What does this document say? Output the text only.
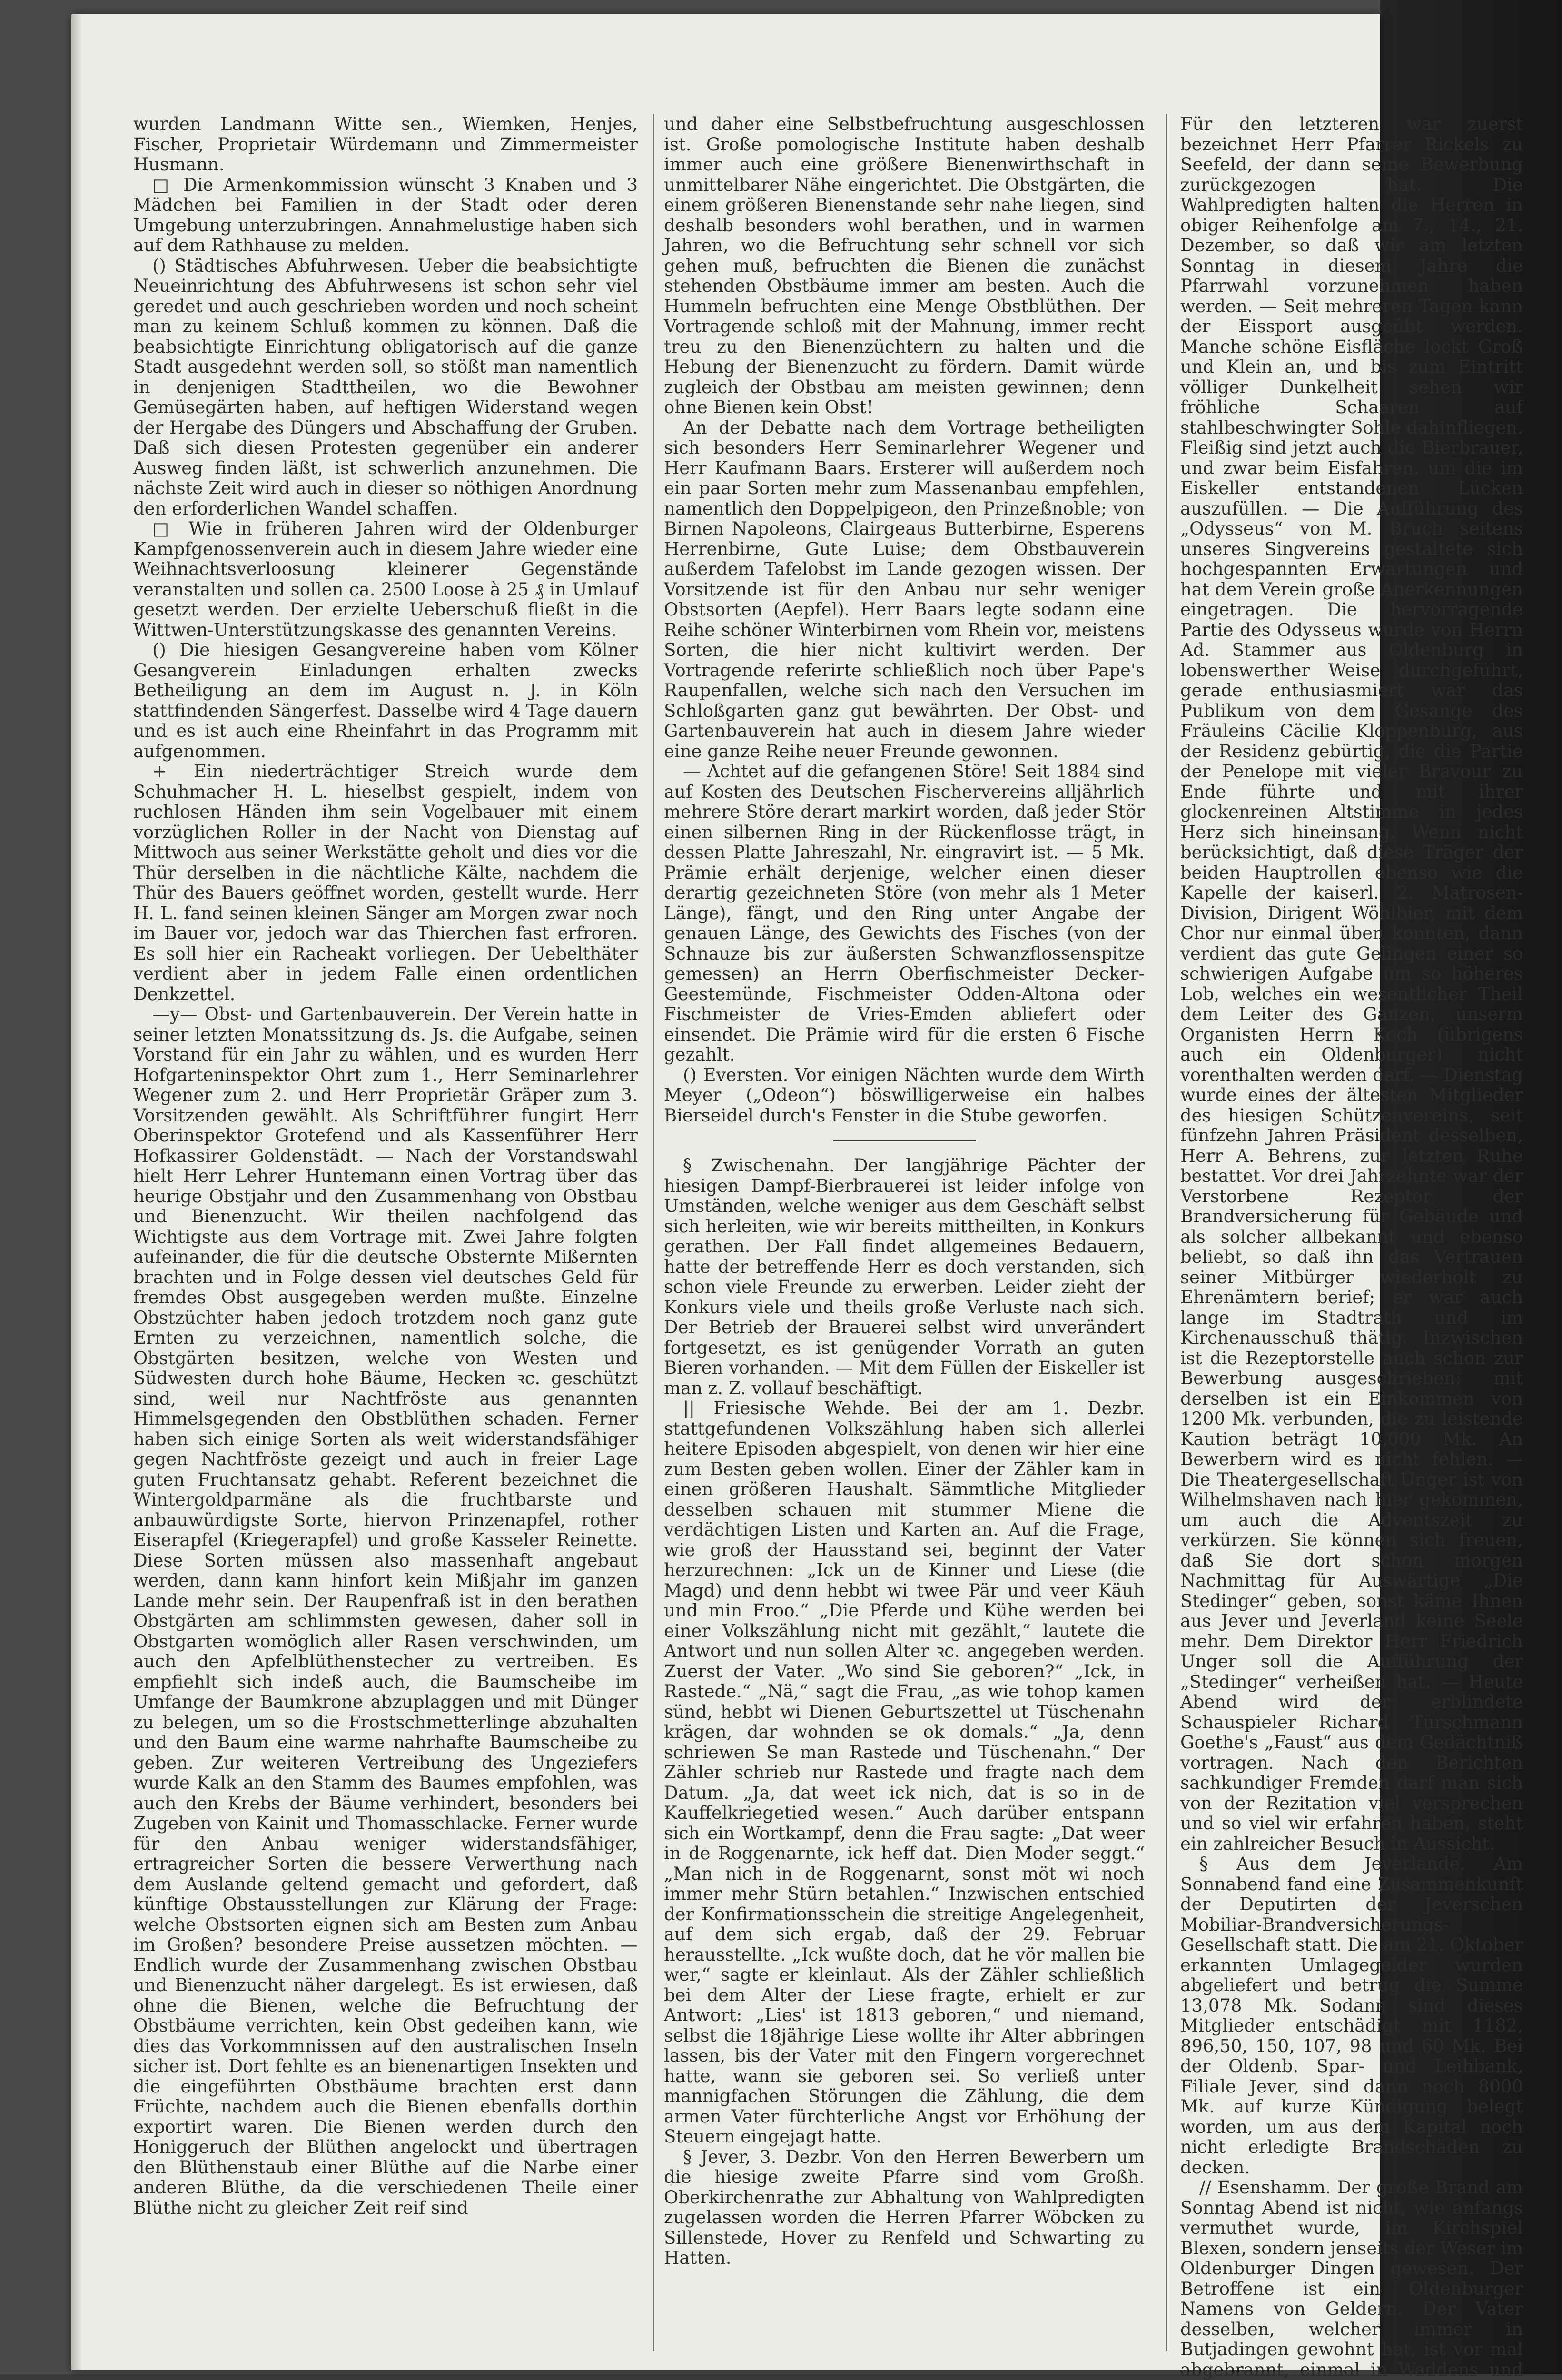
wurden Landmann Witte sen., Wiemken, Henjes, Fischer, Proprietair Würdemann und Zimmermeister Husmann.

□ Die Armenkommission wünscht 3 Knaben und 3 Mädchen bei Familien in der Stadt oder deren Umgebung unterzubringen. Annahmelustige haben sich auf dem Rathhause zu melden.

() Städtisches Abfuhrwesen. Ueber die beabsichtigte Neueinrichtung des Abfuhrwesens ist schon sehr viel geredet und auch geschrieben worden und noch scheint man zu keinem Schluß kommen zu können. Daß die beabsichtigte Einrichtung obligatorisch auf die ganze Stadt ausgedehnt werden soll, so stößt man namentlich in denjenigen Stadttheilen, wo die Bewohner Gemüsegärten haben, auf heftigen Widerstand wegen der Hergabe des Düngers und Abschaffung der Gruben. Daß sich diesen Protesten gegenüber ein anderer Ausweg finden läßt, ist schwerlich anzunehmen. Die nächste Zeit wird auch in dieser so nöthigen Anordnung den erforderlichen Wandel schaffen.

□ Wie in früheren Jahren wird der Oldenburger Kampfgenossenverein auch in diesem Jahre wieder eine Weihnachtsverloosung kleinerer Gegenstände veranstalten und sollen ca. 2500 Loose à 25 ₰ in Umlauf gesetzt werden. Der erzielte Ueberschuß fließt in die Wittwen-Unterstützungskasse des genannten Vereins.

() Die hiesigen Gesangvereine haben vom Kölner Gesangverein Einladungen erhalten zwecks Betheiligung an dem im August n. J. in Köln stattfindenden Sängerfest. Dasselbe wird 4 Tage dauern und es ist auch eine Rheinfahrt in das Programm mit aufgenommen.

+ Ein niederträchtiger Streich wurde dem Schuhmacher H. L. hieselbst gespielt, indem von ruchlosen Händen ihm sein Vogelbauer mit einem vorzüglichen Roller in der Nacht von Dienstag auf Mittwoch aus seiner Werkstätte geholt und dies vor die Thür derselben in die nächtliche Kälte, nachdem die Thür des Bauers geöffnet worden, gestellt wurde. Herr H. L. fand seinen kleinen Sänger am Morgen zwar noch im Bauer vor, jedoch war das Thierchen fast erfroren. Es soll hier ein Racheakt vorliegen. Der Uebelthäter verdient aber in jedem Falle einen ordentlichen Denkzettel.

—y— Obst- und Gartenbauverein. Der Verein hatte in seiner letzten Monatssitzung ds. Js. die Aufgabe, seinen Vorstand für ein Jahr zu wählen, und es wurden Herr Hofgarteninspektor Ohrt zum 1., Herr Seminarlehrer Wegener zum 2. und Herr Proprietär Gräper zum 3. Vorsitzenden gewählt. Als Schriftführer fungirt Herr Oberinspektor Grotefend und als Kassenführer Herr Hofkassirer Goldenstädt. — Nach der Vorstandswahl hielt Herr Lehrer Huntemann einen Vortrag über das heurige Obstjahr und den Zusammenhang von Obstbau und Bienenzucht. Wir theilen nachfolgend das Wichtigste aus dem Vortrage mit. Zwei Jahre folgten aufeinander, die für die deutsche Obsternte Mißernten brachten und in Folge dessen viel deutsches Geld für fremdes Obst ausgegeben werden mußte. Einzelne Obstzüchter haben jedoch trotzdem noch ganz gute Ernten zu verzeichnen, namentlich solche, die Obstgärten besitzen, welche von Westen und Südwesten durch hohe Bäume, Hecken ꝛc. geschützt sind, weil nur Nachtfröste aus genannten Himmelsgegenden den Obstblüthen schaden. Ferner haben sich einige Sorten als weit widerstandsfähiger gegen Nachtfröste gezeigt und auch in freier Lage guten Fruchtansatz gehabt. Referent bezeichnet die Wintergoldparmäne als die fruchtbarste und anbauwürdigste Sorte, hiervon Prinzenapfel, rother Eiserapfel (Kriegerapfel) und große Kasseler Reinette. Diese Sorten müssen also massenhaft angebaut werden, dann kann hinfort kein Mißjahr im ganzen Lande mehr sein. Der Raupenfraß ist in den berathen Obstgärten am schlimmsten gewesen, daher soll in Obstgarten womöglich aller Rasen verschwinden, um auch den Apfelblüthenstecher zu vertreiben. Es empfiehlt sich indeß auch, die Baumscheibe im Umfange der Baumkrone abzuplaggen und mit Dünger zu belegen, um so die Frostschmetterlinge abzuhalten und den Baum eine warme nahrhafte Baumscheibe zu geben. Zur weiteren Vertreibung des Ungeziefers wurde Kalk an den Stamm des Baumes empfohlen, was auch den Krebs der Bäume verhindert, besonders bei Zugeben von Kainit und Thomasschlacke. Ferner wurde für den Anbau weniger widerstandsfähiger, ertragreicher Sorten die bessere Verwerthung nach dem Auslande geltend gemacht und gefordert, daß künftige Obstausstellungen zur Klärung der Frage: welche Obstsorten eignen sich am Besten zum Anbau im Großen? besondere Preise aussetzen möchten. — Endlich wurde der Zusammenhang zwischen Obstbau und Bienenzucht näher dargelegt. Es ist erwiesen, daß ohne die Bienen, welche die Befruchtung der Obstbäume verrichten, kein Obst gedeihen kann, wie dies das Vorkommnissen auf den australischen Inseln sicher ist. Dort fehlte es an bienenartigen Insekten und die eingeführten Obstbäume brachten erst dann Früchte, nachdem auch die Bienen ebenfalls dorthin exportirt waren. Die Bienen werden durch den Honiggeruch der Blüthen angelockt und übertragen den Blüthenstaub einer Blüthe auf die Narbe einer anderen Blüthe, da die verschiedenen Theile einer Blüthe nicht zu gleicher Zeit reif sind

und daher eine Selbstbefruchtung ausgeschlossen ist. Große pomologische Institute haben deshalb immer auch eine größere Bienenwirthschaft in unmittelbarer Nähe eingerichtet. Die Obstgärten, die einem größeren Bienenstande sehr nahe liegen, sind deshalb besonders wohl berathen, und in warmen Jahren, wo die Befruchtung sehr schnell vor sich gehen muß, befruchten die Bienen die zunächst stehenden Obstbäume immer am besten. Auch die Hummeln befruchten eine Menge Obstblüthen. Der Vortragende schloß mit der Mahnung, immer recht treu zu den Bienenzüchtern zu halten und die Hebung der Bienenzucht zu fördern. Damit würde zugleich der Obstbau am meisten gewinnen; denn ohne Bienen kein Obst!

An der Debatte nach dem Vortrage betheiligten sich besonders Herr Seminarlehrer Wegener und Herr Kaufmann Baars. Ersterer will außerdem noch ein paar Sorten mehr zum Massenanbau empfehlen, namentlich den Doppelpigeon, den Prinzeßnoble; von Birnen Napoleons, Clairgeaus Butterbirne, Esperens Herrenbirne, Gute Luise; dem Obstbauverein außerdem Tafelobst im Lande gezogen wissen. Der Vorsitzende ist für den Anbau nur sehr weniger Obstsorten (Aepfel). Herr Baars legte sodann eine Reihe schöner Winterbirnen vom Rhein vor, meistens Sorten, die hier nicht kultivirt werden. Der Vortragende referirte schließlich noch über Pape's Raupenfallen, welche sich nach den Versuchen im Schloßgarten ganz gut bewährten. Der Obst- und Gartenbauverein hat auch in diesem Jahre wieder eine ganze Reihe neuer Freunde gewonnen.

— Achtet auf die gefangenen Störe! Seit 1884 sind auf Kosten des Deutschen Fischervereins alljährlich mehrere Störe derart markirt worden, daß jeder Stör einen silbernen Ring in der Rückenflosse trägt, in dessen Platte Jahreszahl, Nr. eingravirt ist. — 5 Mk. Prämie erhält derjenige, welcher einen dieser derartig gezeichneten Störe (von mehr als 1 Meter Länge), fängt, und den Ring unter Angabe der genauen Länge, des Gewichts des Fisches (von der Schnauze bis zur äußersten Schwanzflossenspitze gemessen) an Herrn Oberfischmeister Decker-Geestemünde, Fischmeister Odden-Altona oder Fischmeister de Vries-Emden abliefert oder einsendet. Die Prämie wird für die ersten 6 Fische gezahlt.

() Eversten. Vor einigen Nächten wurde dem Wirth Meyer („Odeon“) böswilligerweise ein halbes Bierseidel durch's Fenster in die Stube geworfen.

§ Zwischenahn. Der langjährige Pächter der hiesigen Dampf-Bierbrauerei ist leider infolge von Umständen, welche weniger aus dem Geschäft selbst sich herleiten, wie wir bereits mittheilten, in Konkurs gerathen. Der Fall findet allgemeines Bedauern, hatte der betreffende Herr es doch verstanden, sich schon viele Freunde zu erwerben. Leider zieht der Konkurs viele und theils große Verluste nach sich. Der Betrieb der Brauerei selbst wird unverändert fortgesetzt, es ist genügender Vorrath an guten Bieren vorhanden. — Mit dem Füllen der Eiskeller ist man z. Z. vollauf beschäftigt.

|| Friesische Wehde. Bei der am 1. Dezbr. stattgefundenen Volkszählung haben sich allerlei heitere Episoden abgespielt, von denen wir hier eine zum Besten geben wollen. Einer der Zähler kam in einen größeren Haushalt. Sämmtliche Mitglieder desselben schauen mit stummer Miene die verdächtigen Listen und Karten an. Auf die Frage, wie groß der Hausstand sei, beginnt der Vater herzurechnen: „Ick un de Kinner und Liese (die Magd) und denn hebbt wi twee Pär und veer Käuh und min Froo.“ „Die Pferde und Kühe werden bei einer Volkszählung nicht mit gezählt,“ lautete die Antwort und nun sollen Alter ꝛc. angegeben werden. Zuerst der Vater. „Wo sind Sie geboren?“ „Ick, in Rastede.“ „Nä,“ sagt die Frau, „as wie tohop kamen sünd, hebbt wi Dienen Geburtszettel ut Tüschenahn krägen, dar wohnden se ok domals.“ „Ja, denn schriewen Se man Rastede und Tüschenahn.“ Der Zähler schrieb nur Rastede und fragte nach dem Datum. „Ja, dat weet ick nich, dat is so in de Kauffelkriegetied wesen.“ Auch darüber entspann sich ein Wortkampf, denn die Frau sagte: „Dat weer in de Roggenarnte, ick heff dat. Dien Moder seggt.“ „Man nich in de Roggenarnt, sonst möt wi noch immer mehr Stürn betahlen.“ Inzwischen entschied der Konfirmationsschein die streitige Angelegenheit, auf dem sich ergab, daß der 29. Februar herausstellte. „Ick wußte doch, dat he vör mallen bie wer,“ sagte er kleinlaut. Als der Zähler schließlich bei dem Alter der Liese fragte, erhielt er zur Antwort: „Lies' ist 1813 geboren,“ und niemand, selbst die 18jährige Liese wollte ihr Alter abbringen lassen, bis der Vater mit den Fingern vorgerechnet hatte, wann sie geboren sei. So verließ unter mannigfachen Störungen die Zählung, die dem armen Vater fürchterliche Angst vor Erhöhung der Steuern eingejagt hatte.

§ Jever, 3. Dezbr. Von den Herren Bewerbern um die hiesige zweite Pfarre sind vom Großh. Oberkirchenrathe zur Abhaltung von Wahlpredigten zugelassen worden die Herren Pfarrer Wöbcken zu Sillenstede, Hover zu Renfeld und Schwarting zu Hatten.

Für den letzteren war zuerst bezeichnet Herr Pfarrer Rickels zu Seefeld, der dann seine Bewerbung zurückgezogen hat. Die Wahlpredigten halten die Herren in obiger Reihenfolge am 7., 14., 21. Dezember, so daß wir am letzten Sonntag in diesem Jahre die Pfarrwahl vorzunehmen haben werden. — Seit mehreren Tagen kann der Eissport ausgeübt werden. Manche schöne Eisfläche lockt Groß und Klein an, und bis zum Eintritt völliger Dunkelheit sehen wir fröhliche Schaaren auf stahlbeschwingter Sohle dahinfliegen. Fleißig sind jetzt auch die Bierbrauer, und zwar beim Eisfahren, um die im Eiskeller entstandenen Lücken auszufüllen. — Die Aufführung des „Odysseus“ von M. Bruch seitens unseres Singvereins gestaltete sich hochgespannten Erwartungen und hat dem Verein große Anerkennungen eingetragen. Die hervorragende Partie des Odysseus wurde von Herrn Ad. Stammer aus Oldenburg in lobenswerther Weise durchgeführt, gerade enthusiasmiert war das Publikum von dem Gesange des Fräuleins Cäcilie Kloppenburg, aus der Residenz gebürtig, die die Partie der Penelope mit vieler Bravour zu Ende führte und mit ihrer glockenreinen Altstimme in jedes Herz sich hineinsang. Wenn nicht berücksichtigt, daß diese Träger der beiden Hauptrollen ebenso wie die Kapelle der kaiserl. 2. Matrosen-Division, Dirigent Wöhlbier, mit dem Chor nur einmal üben konnten, dann verdient das gute Gelingen einer so schwierigen Aufgabe um so höheres Lob, welches ein wesentlicher Theil dem Leiter des Ganzen, unserm Organisten Herrn Koch (übrigens auch ein Oldenburger) nicht vorenthalten werden darf. — Dienstag wurde eines der ältesten Mitglieder des hiesigen Schützenvereins, seit fünfzehn Jahren Präsident desselben, Herr A. Behrens, zur letzten Ruhe bestattet. Vor drei Jahrzehnte war der Verstorbene Rezeptor der Brandversicherung für Gebäude und als solcher allbekannt und ebenso beliebt, so daß ihn das Vertrauen seiner Mitbürger wiederholt zu Ehrenämtern berief; er war auch lange im Stadtrath und im Kirchenausschuß thätig. Inzwischen ist die Rezeptorstelle auch schon zur Bewerbung ausgeschrieben; mit derselben ist ein Einkommen von 1200 Mk. verbunden, die zu leistende Kaution beträgt 10,000 Mk. An Bewerbern wird es nicht fehlen. — Die Theatergesellschaft Unger ist von Wilhelmshaven nach hier gekommen, um auch die Adventszeit zu verkürzen. Sie können sich freuen, daß Sie dort schon morgen Nachmittag für Auswärtige „Die Stedinger“ geben, sonst käme Ihnen aus Jever und Jeverland keine Seele mehr. Dem Direktor Herr Friedrich Unger soll die Aufführung der „Stedinger“ verheißen hat. — Heute Abend wird der erblindete Schauspieler Richard Türschmann Goethe's „Faust“ aus dem Gedächtniß vortragen. Nach den Berichten sachkundiger Fremden darf man sich von der Rezitation viel versprechen und so viel wir erfahren haben, steht ein zahlreicher Besuch in Aussicht.

§ Aus dem Jeverlande. Am Sonnabend fand eine Zusammenkunft der Deputirten der Jeverschen Mobiliar-Brandversicherungs-Gesellschaft statt. Die am 21. Oktober erkannten Umlagegelder wurden abgeliefert und betrug die Summe 13,078 Mk. Sodann sind dieses Mitglieder entschädigt mit 1182, 896,50, 150, 107, 98 und 60 Mk. Bei der Oldenb. Spar- und Leihbank, Filiale Jever, sind dann noch 8000 Mk. auf kurze Kündigung belegt worden, um aus dem Kapital noch nicht erledigte Brandschäden zu decken.

// Esenshamm. Der große Brand am Sonntag Abend ist nicht, wie anfangs vermuthet wurde, im Kirchspiel Blexen, sondern jenseits der Weser im Oldenburger Dingen gewesen. Der Betroffene ist ein Oldenburger Namens von Geldern. Der Vater desselben, welcher immer in Butjadingen gewohnt hat, ist vor mal abgebrannt, einmal in Waddens und
